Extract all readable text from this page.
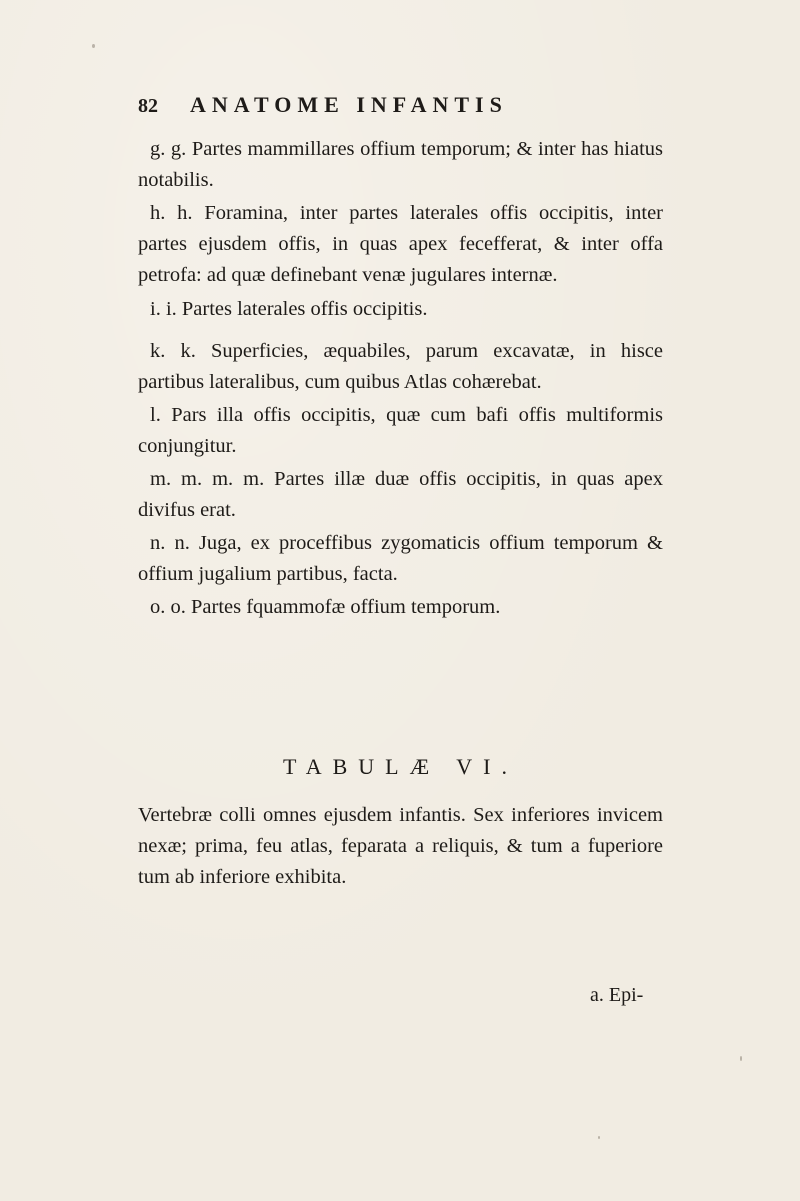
82	ANATOME INFANTIS

g. g. Partes mammillares offium temporum; & inter has hiatus notabilis.

h. h. Foramina, inter partes laterales offis occipitis, inter partes ejusdem offis, in quas apex fecefferat, & inter offa petrofa: ad quæ definebant venæ jugulares internæ.

i. i. Partes laterales offis occipitis.

k. k. Superficies, æquabiles, parum excavatæ, in hisce partibus lateralibus, cum quibus Atlas cohærebat.

l. Pars illa offis occipitis, quæ cum bafi offis multiformis conjungitur.

m. m. m. m. Partes illæ duæ offis occipitis, in quas apex divifus erat.

n. n. Juga, ex proceffibus zygomaticis offium temporum & offium jugalium partibus, facta.

o. o. Partes fquammofæ offium temporum.

TABULÆ VI.

Vertebræ colli omnes ejusdem infantis. Sex inferiores invicem nexæ; prima, feu atlas, feparata a reliquis, & tum a fuperiore tum ab inferiore exhibita.

a. Epi-
